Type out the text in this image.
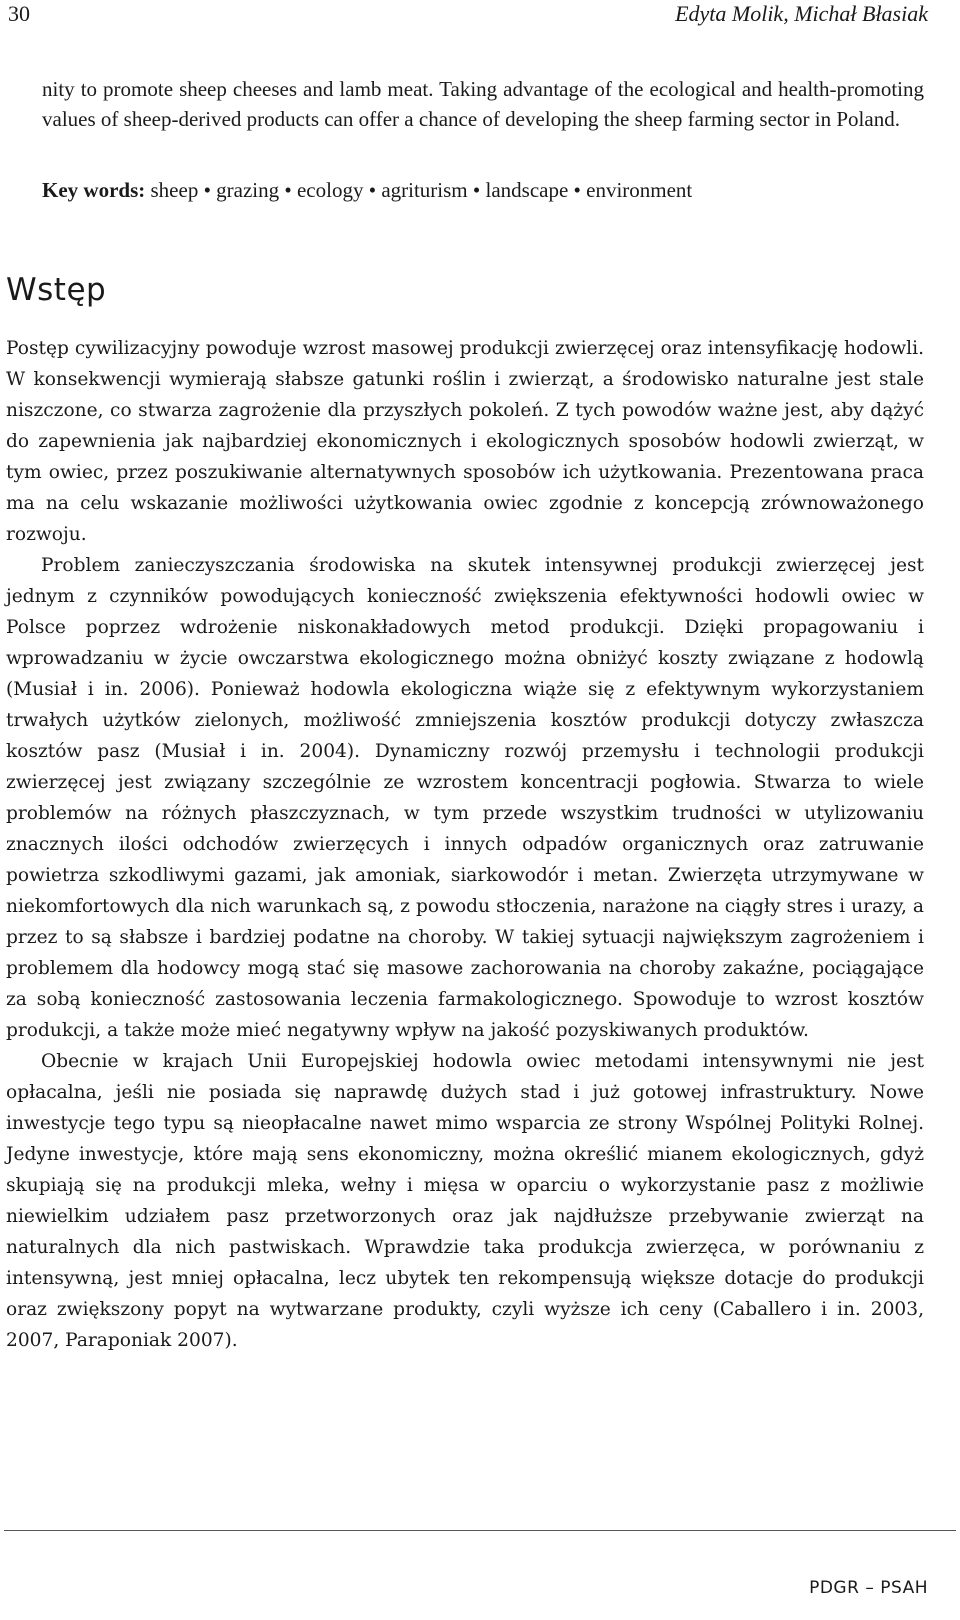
30	Edyta Molik, Michał Błasiak

nity to promote sheep cheeses and lamb meat. Taking advantage of the ecological and health-promoting values of sheep-derived products can offer a chance of developing the sheep farming sector in Poland.

Key words: sheep • grazing • ecology • agriturism • landscape • environment
Wstęp

Postęp cywilizacyjny powoduje wzrost masowej produkcji zwierzęcej oraz intensyfikację hodowli. W konsekwencji wymierają słabsze gatunki roślin i zwierząt, a środowisko naturalne jest stale niszczone, co stwarza zagrożenie dla przyszłych pokoleń. Z tych powodów ważne jest, aby dążyć do zapewnienia jak najbardziej ekonomicznych i ekologicznych sposobów hodowli zwierząt, w tym owiec, przez poszukiwanie alternatywnych sposobów ich użytkowania. Prezentowana praca ma na celu wskazanie możliwości użytkowania owiec zgodnie z koncepcją zrównoważonego rozwoju.

Problem zanieczyszczania środowiska na skutek intensywnej produkcji zwierzęcej jest jednym z czynników powodujących konieczność zwiększenia efektywności hodowli owiec w Polsce poprzez wdrożenie niskonakładowych metod produkcji. Dzięki propagowaniu i wprowadzaniu w życie owczarstwa ekologicznego można obniżyć koszty związane z hodowlą (Musiał i in. 2006). Ponieważ hodowla ekologiczna wiąże się z efektywnym wykorzystaniem trwałych użytków zielonych, możliwość zmniejszenia kosztów produkcji dotyczy zwłaszcza kosztów pasz (Musiał i in. 2004). Dynamiczny rozwój przemysłu i technologii produkcji zwierzęcej jest związany szczególnie ze wzrostem koncentracji pogłowia. Stwarza to wiele problemów na różnych płaszczyznach, w tym przede wszystkim trudności w utylizowaniu znacznych ilości odchodów zwierzęcych i innych odpadów organicznych oraz zatruwanie powietrza szkodliwymi gazami, jak amoniak, siarkowodór i metan. Zwierzęta utrzymywane w niekomfortowych dla nich warunkach są, z powodu stłoczenia, narażone na ciągły stres i urazy, a przez to są słabsze i bardziej podatne na choroby. W takiej sytuacji największym zagrożeniem i problemem dla hodowcy mogą stać się masowe zachorowania na choroby zakaźne, pociągające za sobą konieczność zastosowania leczenia farmakologicznego. Spowoduje to wzrost kosztów produkcji, a także może mieć negatywny wpływ na jakość pozyskiwanych produktów.

Obecnie w krajach Unii Europejskiej hodowla owiec metodami intensywnymi nie jest opłacalna, jeśli nie posiada się naprawdę dużych stad i już gotowej infrastruktury. Nowe inwestycje tego typu są nieopłacalne nawet mimo wsparcia ze strony Wspólnej Polityki Rolnej. Jedyne inwestycje, które mają sens ekonomiczny, można określić mianem ekologicznych, gdyż skupiają się na produkcji mleka, wełny i mięsa w oparciu o wykorzystanie pasz z możliwie niewielkim udziałem pasz przetworzonych oraz jak najdłuższe przebywanie zwierząt na naturalnych dla nich pastwiskach. Wprawdzie taka produkcja zwierzęca, w porównaniu z intensywną, jest mniej opłacalna, lecz ubytek ten rekompensują większe dotacje do produkcji oraz zwiększony popyt na wytwarzane produkty, czyli wyższe ich ceny (Caballero i in. 2003, 2007, Paraponiak 2007).

PDGR – PSAH
